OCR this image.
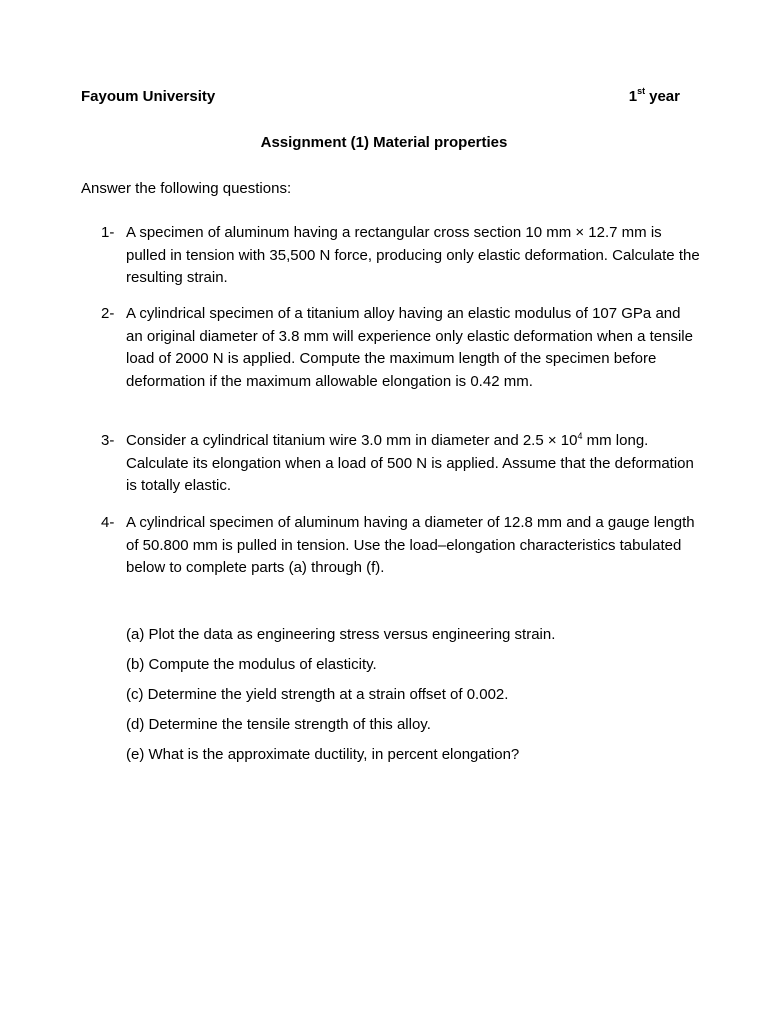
Fayoum University	1st year
Assignment (1) Material properties
Answer the following questions:
1- A specimen of aluminum having a rectangular cross section 10 mm × 12.7 mm is pulled in tension with 35,500 N force, producing only elastic deformation. Calculate the resulting strain.
2- A cylindrical specimen of a titanium alloy having an elastic modulus of 107 GPa and an original diameter of 3.8 mm will experience only elastic deformation when a tensile load of 2000 N is applied. Compute the maximum length of the specimen before deformation if the maximum allowable elongation is 0.42 mm.
3- Consider a cylindrical titanium wire 3.0 mm in diameter and $2.5 \times 10^4$ mm long. Calculate its elongation when a load of 500 N is applied. Assume that the deformation is totally elastic.
4- A cylindrical specimen of aluminum having a diameter of 12.8 mm and a gauge length of 50.800 mm is pulled in tension. Use the load–elongation characteristics tabulated below to complete parts (a) through (f).
(a) Plot the data as engineering stress versus engineering strain.
(b) Compute the modulus of elasticity.
(c) Determine the yield strength at a strain offset of 0.002.
(d) Determine the tensile strength of this alloy.
(e) What is the approximate ductility, in percent elongation?
